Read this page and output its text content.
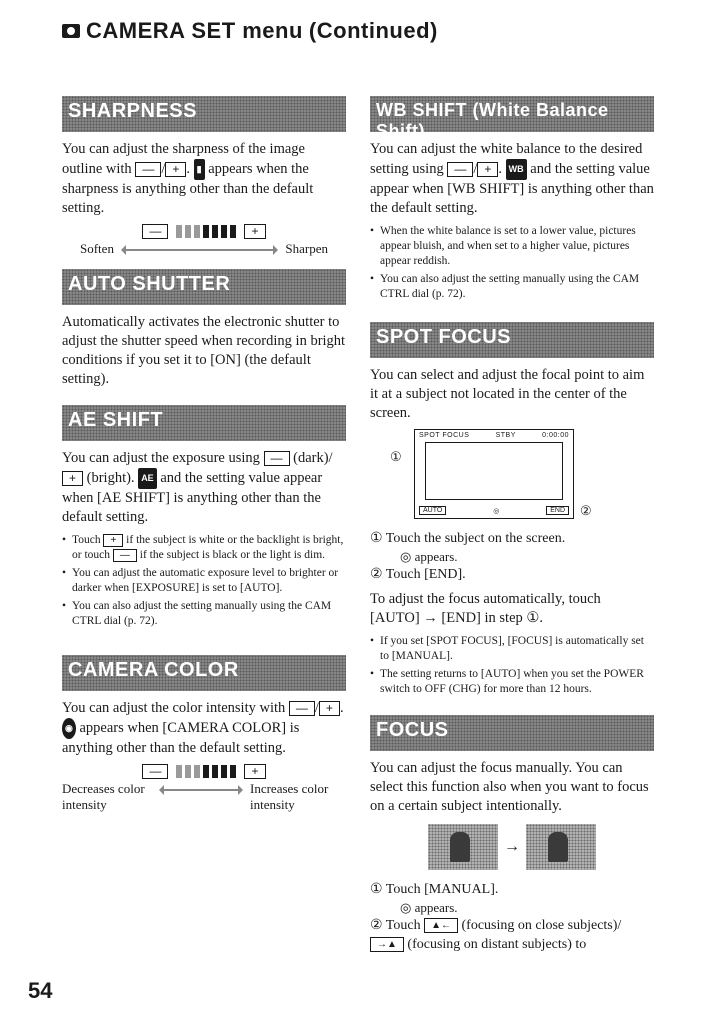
CAMERA SET menu (Continued)
SHARPNESS

You can adjust the sharpness of the image outline with — / + . ▮ appears when the sharpness is anything other than the default setting.

—	+
Soften	Sharpen
AUTO SHUTTER

Automatically activates the electronic shutter to adjust the shutter speed when recording in bright conditions if you set it to [ON] (the default setting).

AE SHIFT

You can adjust the exposure using — (dark)/+ (bright). AE and the setting value appear when [AE SHIFT] is anything other than the default setting.

• Touch + if the subject is white or the backlight is bright, or touch — if the subject is black or the light is dim.
• You can adjust the automatic exposure level to brighter or darker when [EXPOSURE] is set to [AUTO].
• You can also adjust the setting manually using the CAM CTRL dial (p. 72).
CAMERA COLOR

You can adjust the color intensity with — / + . ◉ appears when [CAMERA COLOR] is anything other than the default setting.

—	+
Decreases color intensity
Increases color intensity
WB SHIFT (White Balance Shift)

You can adjust the white balance to the desired setting using — / + . WB and the setting value appear when [WB SHIFT] is anything other than the default setting.

• When the white balance is set to a lower value, pictures appear bluish, and when set to a higher value, pictures appear reddish.
• You can also adjust the setting manually using the CAM CTRL dial (p. 72).
SPOT FOCUS

You can select and adjust the focal point to aim it at a subject not located in the center of the screen.

①
SPOT FOCUS	STBY	0:00:00
AUTO	◎	END	②
① Touch the subject on the screen.
◎ appears.
② Touch [END].

To adjust the focus automatically, touch [AUTO] → [END] in step ①.

• If you set [SPOT FOCUS], [FOCUS] is automatically set to [MANUAL].
• The setting returns to [AUTO] when you set the POWER switch to OFF (CHG) for more than 12 hours.
FOCUS

You can adjust the focus manually. You can select this function also when you want to focus on a certain subject intentionally.

→
① Touch [MANUAL].
◎ appears.
② Touch ▲← (focusing on close subjects)/
→▲ (focusing on distant subjects) to
54
